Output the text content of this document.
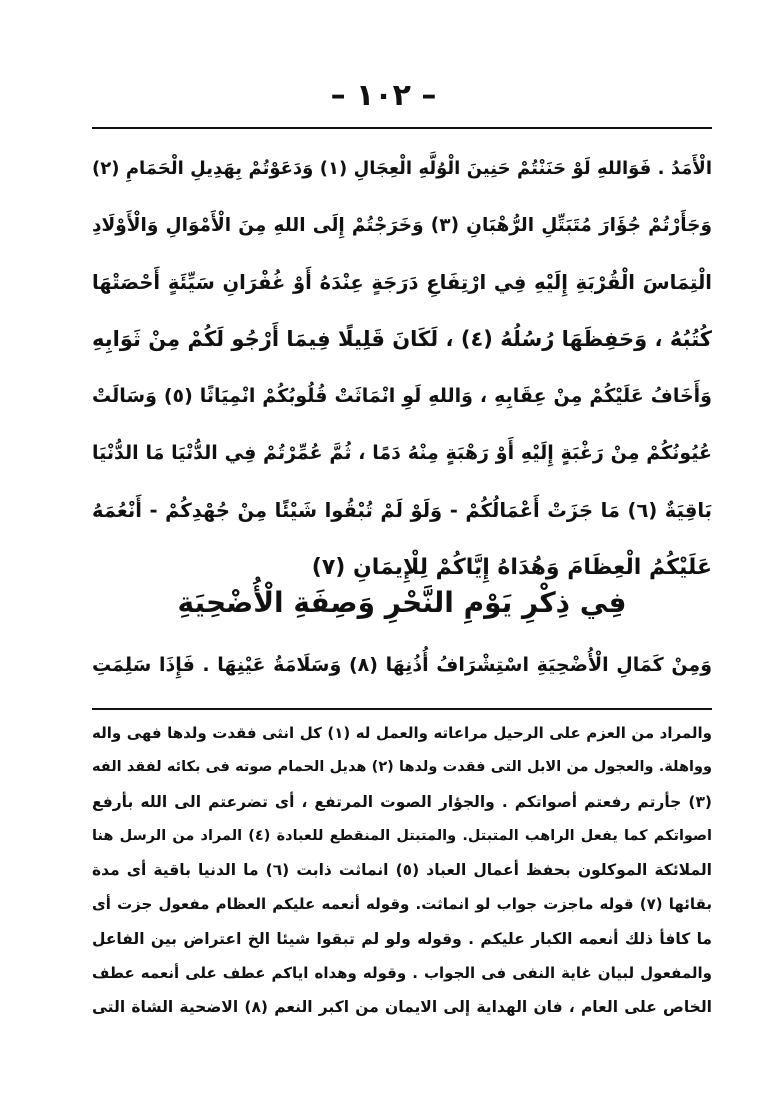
– ١٠٢ –
الْأَمَدُ . فَوَاللهِ لَوْ حَنَنْتُمْ حَنِينَ الْوُلَّهِ الْعِجَالِ (١) وَدَعَوْتُمْ بِهَدِيلِ الْحَمَامِ (٢)
وَجَأَرْتُمْ جُؤَارَ مُتَبَتِّلِ الرُّهْبَانِ (٣) وَخَرَجْتُمْ إِلَى اللهِ مِنَ الْأَمْوَالِ وَالْأَوْلَادِ
الْتِمَاسَ الْقُرْبَةِ إِلَيْهِ فِي ارْتِفَاعِ دَرَجَةٍ عِنْدَهُ أَوْ غُفْرَانِ سَيِّئَةٍ أَحْصَتْهَا
كُتُبُهُ ، وَحَفِظَهَا رُسُلُهُ (٤) ، لَكَانَ قَلِيلًا فِيمَا أَرْجُو لَكُمْ مِنْ ثَوَابِهِ
وَأَخَافُ عَلَيْكُمْ مِنْ عِقَابِهِ ، وَاللهِ لَوِ انْمَاثَتْ قُلُوبُكُمْ انْمِيَاثًا (٥) وَسَالَتْ
عُيُونُكُمْ مِنْ رَغْبَةٍ إِلَيْهِ أَوْ رَهْبَةٍ مِنْهُ دَمًا ، ثُمَّ عُمِّرْتُمْ فِي الدُّنْيَا مَا الدُّنْيَا
بَاقِيَةٌ (٦) مَا جَزَتْ أَعْمَالُكُمْ - وَلَوْ لَمْ تُبْقُوا شَيْئًا مِنْ جُهْدِكُمْ - أَنْعُمَهُ
عَلَيْكُمُ الْعِظَامَ وَهُدَاهُ إِيَّاكُمْ لِلْإِيمَانِ (٧)
فِي ذِكْرِ يَوْمِ النَّحْرِ وَصِفَةِ الْأُضْحِيَةِ
وَمِنْ كَمَالِ الْأُضْحِيَةِ اسْتِشْرَافُ أُذُنِهَا (٨) وَسَلَامَةُ عَيْنِهَا . فَإِذَا سَلِمَتِ
والمراد من العزم على الرحيل مراعاته والعمل له (١) كل انثى فقدت ولدها فهى واله
وواهلة. والعجول من الابل التى فقدت ولدها (٢) هديل الحمام صوته فى بكائه لفقد الفه
(٣) جأرتم رفعتم أصواتكم . والجؤار الصوت المرتفع ، أى تضرعتم الى الله بأرفع
اصواتكم كما يفعل الراهب المتبتل. والمتبتل المنقطع للعبادة (٤) المراد من الرسل هنا
الملائكة الموكلون بحفظ أعمال العباد (٥) انماثت ذابت (٦) ما الدنيا باقية أى مدة
بقائها (٧) قوله ماجزت جواب لو انماثت. وقوله أنعمه عليكم العظام مفعول جزت أى
ما كافأ ذلك أنعمه الكبار عليكم . وقوله ولو لم تبقوا شيئا الخ اعتراض بين الفاعل
والمفعول لبيان غاية النفى فى الجواب . وقوله وهداه اياكم عطف على أنعمه عطف
الخاص على العام ، فان الهداية إلى الايمان من اكبر النعم (٨) الاضحية الشاة التى
